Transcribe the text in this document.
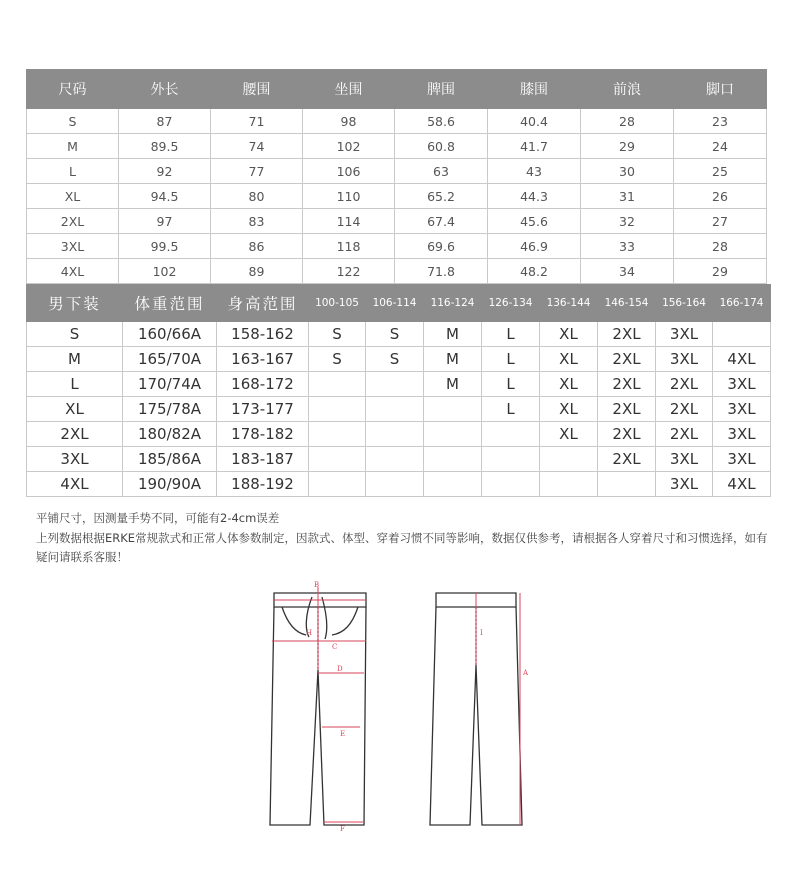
尺码	外长	腰围	坐围	脾围	膝围	前浪	脚口
S	87	71	98	58.6	40.4	28	23
M	89.5	74	102	60.8	41.7	29	24
L	92	77	106	63	43	30	25
XL	94.5	80	110	65.2	44.3	31	26
2XL	97	83	114	67.4	45.6	32	27
3XL	99.5	86	118	69.6	46.9	33	28
4XL	102	89	122	71.8	48.2	34	29
男下装	体重范围	身高范围	100-105	106-114	116-124	126-134	136-144	146-154	156-164	166-174
S	160/66A	158-162	S	S	M	L	XL	2XL	3XL	
M	165/70A	163-167	S	S	M	L	XL	2XL	3XL	4XL
L	170/74A	168-172			M	L	XL	2XL	2XL	3XL
XL	175/78A	173-177				L	XL	2XL	2XL	3XL
2XL	180/82A	178-182					XL	2XL	2XL	3XL
3XL	185/86A	183-187						2XL	3XL	3XL
4XL	190/90A	188-192							3XL	4XL
平铺尺寸，因测量手势不同，可能有2-4cm误差
上列数据根据ERKE常规款式和正常人体参数制定，因款式、体型、穿着习惯不同等影响，数据仅供参考，请根据各人穿着尺寸和习惯选择，如有疑问请联系客服！
B
H
C
D
E
F
I
A
